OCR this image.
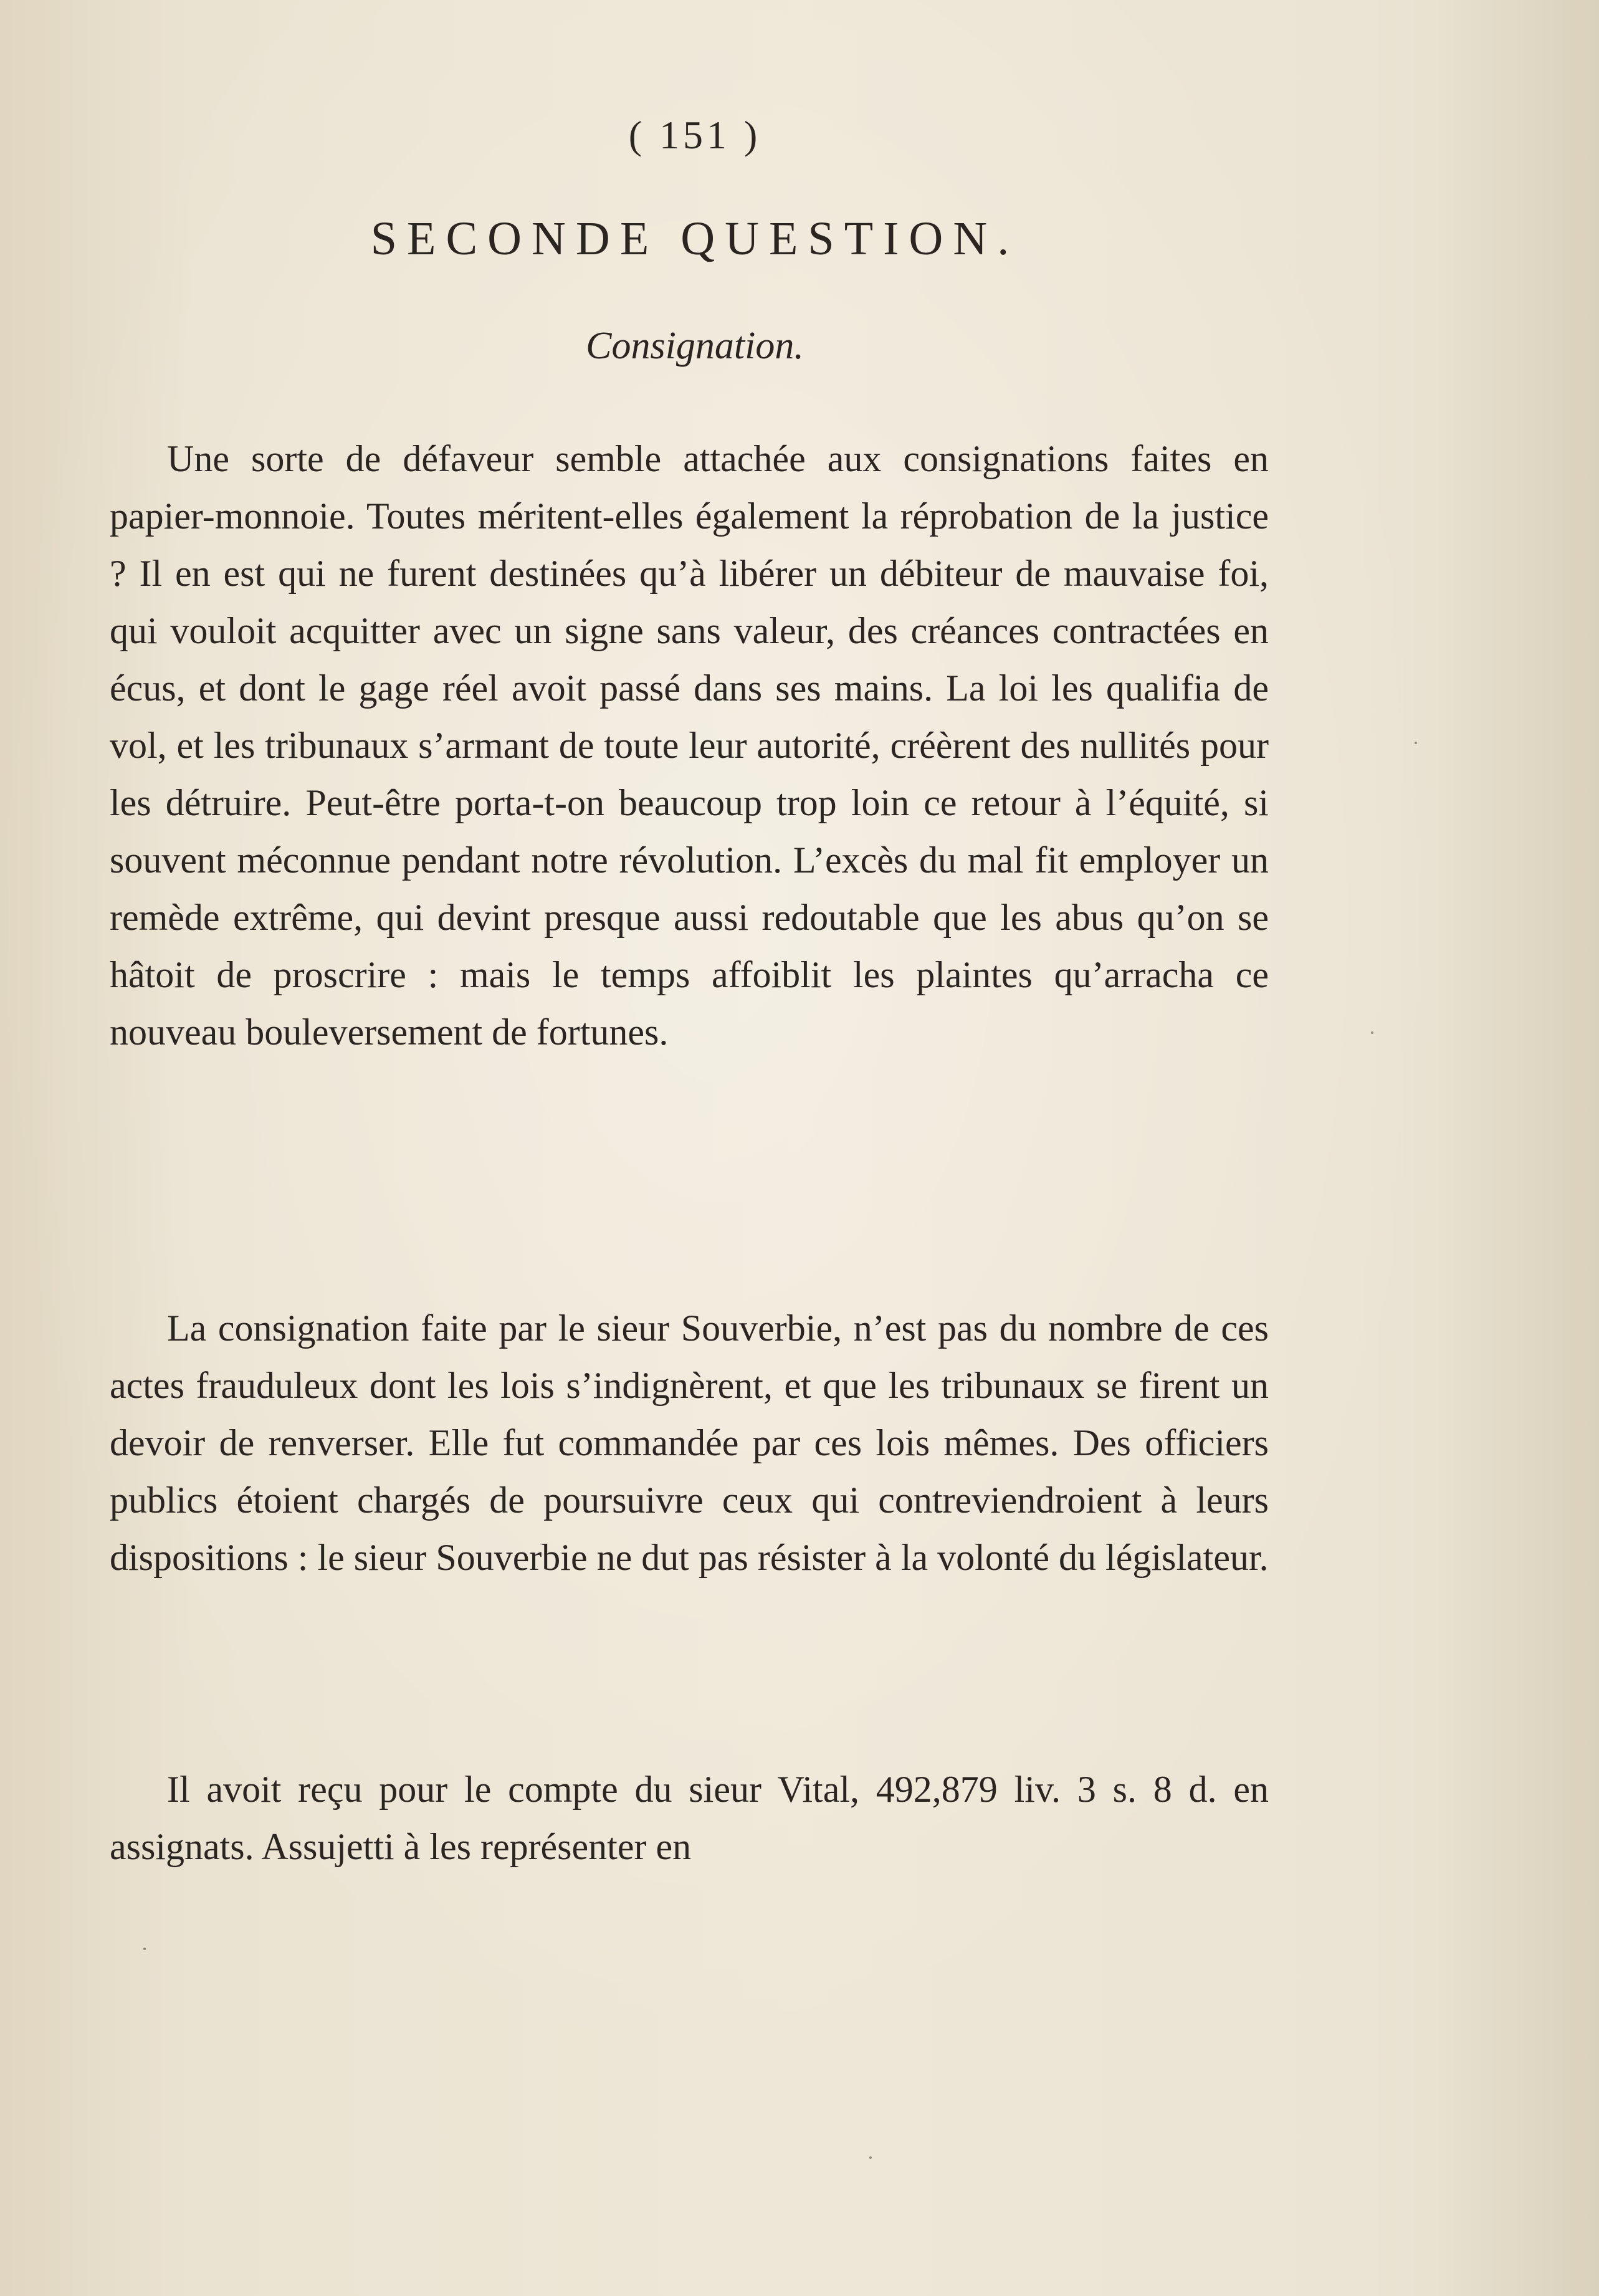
( 151 )
SECONDE QUESTION.
Consignation.

Une sorte de défaveur semble attachée aux consignations faites en papier-monnoie. Toutes méritent-elles également la réprobation de la justice ? Il en est qui ne furent destinées qu’à libérer un débiteur de mauvaise foi, qui vouloit acquitter avec un signe sans valeur, des créances contractées en écus, et dont le gage réel avoit passé dans ses mains. La loi les qualifia de vol, et les tribunaux s’armant de toute leur autorité, créèrent des nullités pour les détruire. Peut-être porta-t-on beaucoup trop loin ce retour à l’équité, si souvent méconnue pendant notre révolution. L’excès du mal fit employer un remède extrême, qui devint presque aussi redoutable que les abus qu’on se hâtoit de proscrire : mais le temps affoiblit les plaintes qu’arracha ce nouveau bouleversement de fortunes.

La consignation faite par le sieur Souverbie, n’est pas du nombre de ces actes frauduleux dont les lois s’indignèrent, et que les tribunaux se firent un devoir de renverser. Elle fut commandée par ces lois mêmes. Des officiers publics étoient chargés de poursuivre ceux qui contreviendroient à leurs dispositions : le sieur Souverbie ne dut pas résister à la volonté du législateur.

Il avoit reçu pour le compte du sieur Vital, 492,879 liv. 3 s. 8 d. en assignats. Assujetti à les représenter en
